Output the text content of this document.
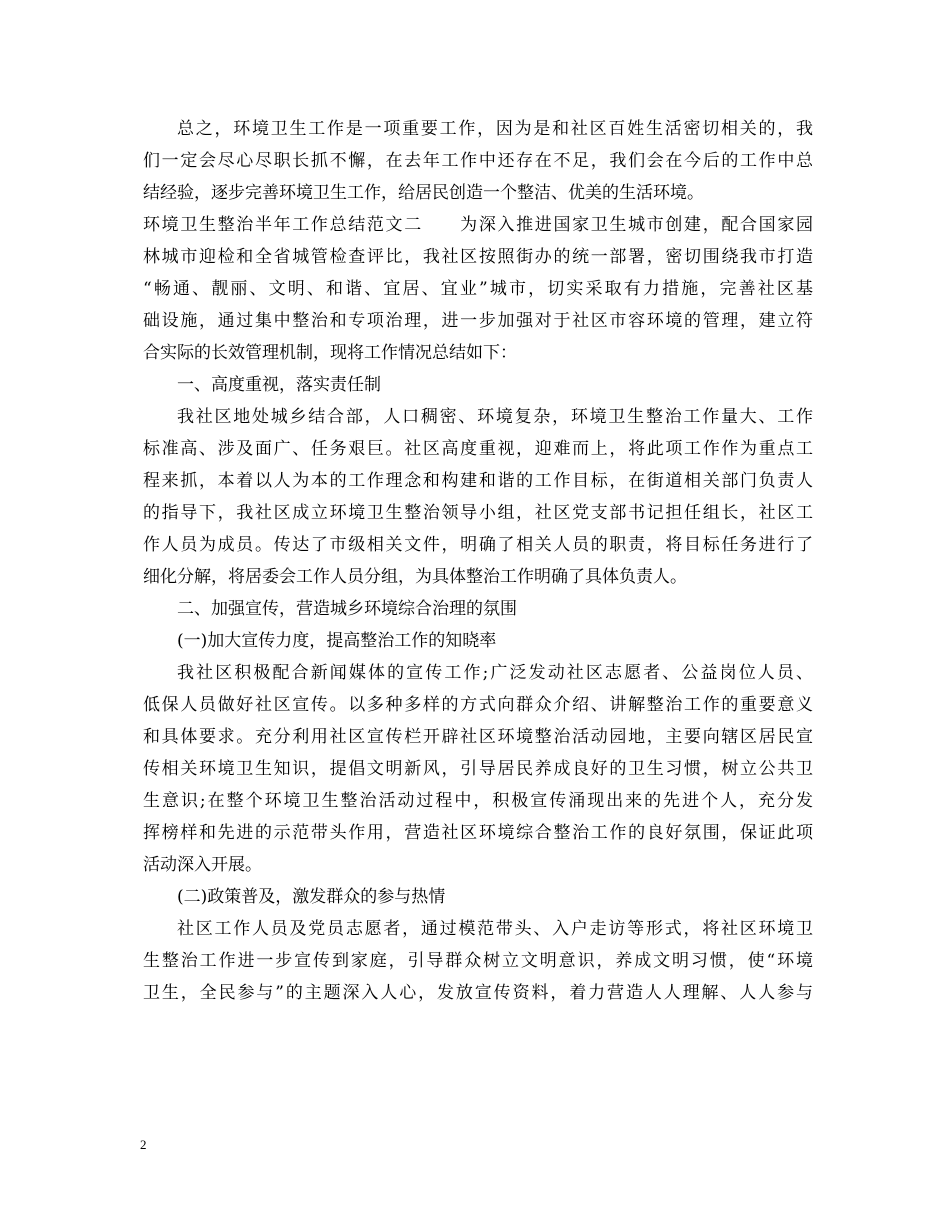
总之，环境卫生工作是一项重要工作，因为是和社区百姓生活密切相关的，我
们一定会尽心尽职长抓不懈，在去年工作中还存在不足，我们会在今后的工作中总
结经验，逐步完善环境卫生工作，给居民创造一个整洁、优美的生活环境。
环境卫生整治半年工作总结范文二　　为深入推进国家卫生城市创建，配合国家园
林城市迎检和全省城管检查评比，我社区按照街办的统一部署，密切围绕我市打造
“畅通、靓丽、文明、和谐、宜居、宜业”城市，切实采取有力措施，完善社区基
础设施，通过集中整治和专项治理，进一步加强对于社区市容环境的管理，建立符
合实际的长效管理机制，现将工作情况总结如下：
一、高度重视，落实责任制
我社区地处城乡结合部，人口稠密、环境复杂，环境卫生整治工作量大、工作
标准高、涉及面广、任务艰巨。社区高度重视，迎难而上，将此项工作作为重点工
程来抓，本着以人为本的工作理念和构建和谐的工作目标，在街道相关部门负责人
的指导下，我社区成立环境卫生整治领导小组，社区党支部书记担任组长，社区工
作人员为成员。传达了市级相关文件，明确了相关人员的职责，将目标任务进行了
细化分解，将居委会工作人员分组，为具体整治工作明确了具体负责人。
二、加强宣传，营造城乡环境综合治理的氛围
(一)加大宣传力度，提高整治工作的知晓率
我社区积极配合新闻媒体的宣传工作;广泛发动社区志愿者、公益岗位人员、
低保人员做好社区宣传。以多种多样的方式向群众介绍、讲解整治工作的重要意义
和具体要求。充分利用社区宣传栏开辟社区环境整治活动园地，主要向辖区居民宣
传相关环境卫生知识，提倡文明新风，引导居民养成良好的卫生习惯，树立公共卫
生意识;在整个环境卫生整治活动过程中，积极宣传涌现出来的先进个人，充分发
挥榜样和先进的示范带头作用，营造社区环境综合整治工作的良好氛围，保证此项
活动深入开展。
(二)政策普及，激发群众的参与热情
社区工作人员及党员志愿者，通过模范带头、入户走访等形式，将社区环境卫
生整治工作进一步宣传到家庭，引导群众树立文明意识，养成文明习惯，使“环境
卫生，全民参与”的主题深入人心，发放宣传资料，着力营造人人理解、人人参与
2
